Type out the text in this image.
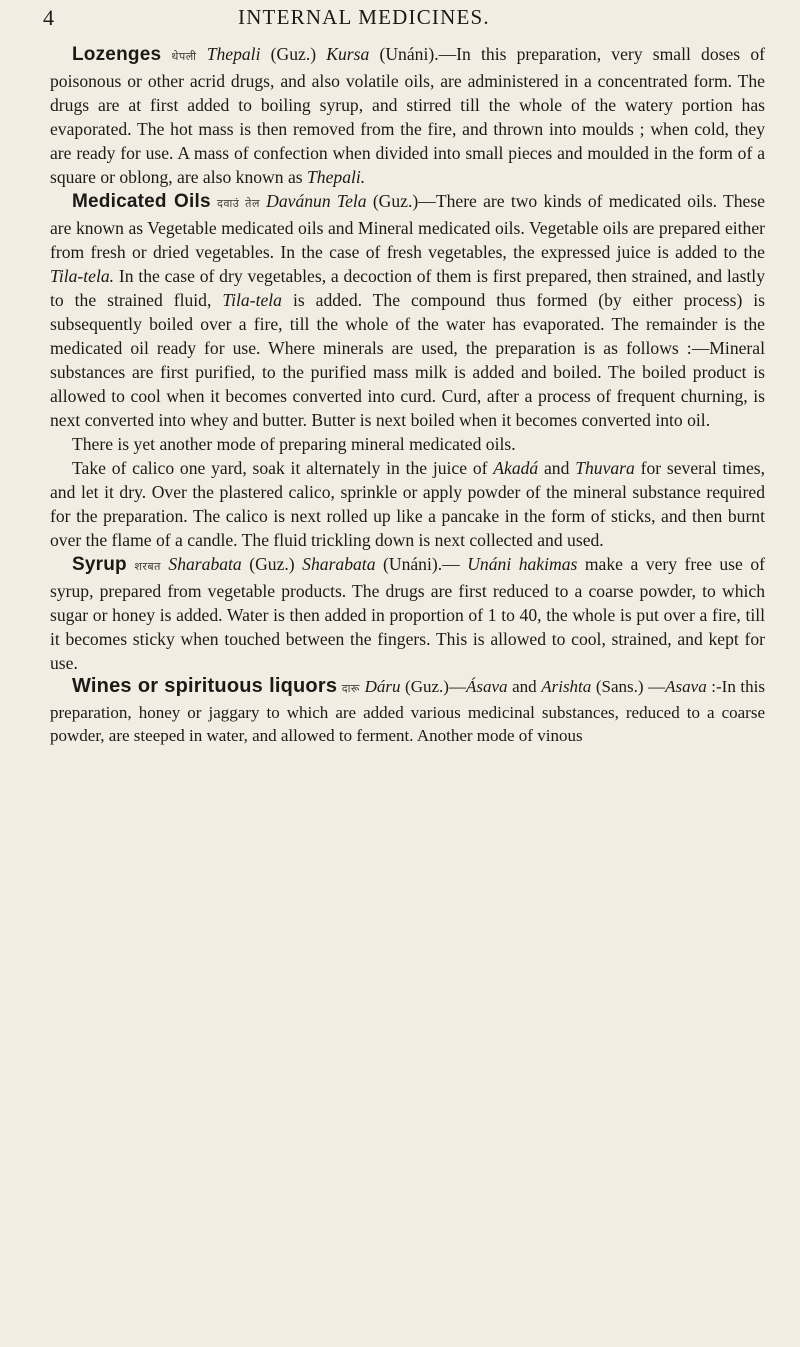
4	INTERNAL MEDICINES.

Lozenges थेपली Thepali (Guz.) Kursa (Unáni).—In this preparation, very small doses of poisonous or other acrid drugs, and also volatile oils, are administered in a concentrated form. The drugs are at first added to boiling syrup, and stirred till the whole of the watery portion has evaporated. The hot mass is then removed from the fire, and thrown into moulds ; when cold, they are ready for use. A mass of confection when divided into small pieces and moulded in the form of a square or oblong, are also known as Thepali.

Medicated Oils दवाउं तेल Davánun Tela (Guz.)—There are two kinds of medicated oils. These are known as Vegetable medicated oils and Mineral medicated oils. Vegetable oils are prepared either from fresh or dried vegetables. In the case of fresh vegetables, the expressed juice is added to the Tila-tela. In the case of dry vegetables, a decoction of them is first prepared, then strained, and lastly to the strained fluid, Tila-tela is added. The compound thus formed (by either process) is subsequently boiled over a fire, till the whole of the water has evaporated. The remainder is the medicated oil ready for use. Where minerals are used, the preparation is as follows :—Mineral substances are first purified, to the purified mass milk is added and boiled. The boiled product is allowed to cool when it becomes converted into curd. Curd, after a process of frequent churning, is next converted into whey and butter. Butter is next boiled when it becomes converted into oil.

There is yet another mode of preparing mineral medicated oils.

Take of calico one yard, soak it alternately in the juice of Akadá and Thuvara for several times, and let it dry. Over the plastered calico, sprinkle or apply powder of the mineral substance required for the preparation. The calico is next rolled up like a pancake in the form of sticks, and then burnt over the flame of a candle. The fluid trickling down is next collected and used.

Syrup शरबत Sharabata (Guz.) Sharabata (Unáni).— Unáni hakimas make a very free use of syrup, prepared from vegetable products. The drugs are first reduced to a coarse powder, to which sugar or honey is added. Water is then added in proportion of 1 to 40, the whole is put over a fire, till it becomes sticky when touched between the fingers. This is allowed to cool, strained, and kept for use.

Wines or spirituous liquors दारू Dáru (Guz.)—Ásava and Arishta (Sans.) —Asava :-In this preparation, honey or jaggary to which are added various medicinal substances, reduced to a coarse powder, are steeped in water, and allowed to ferment. Another mode of vinous
